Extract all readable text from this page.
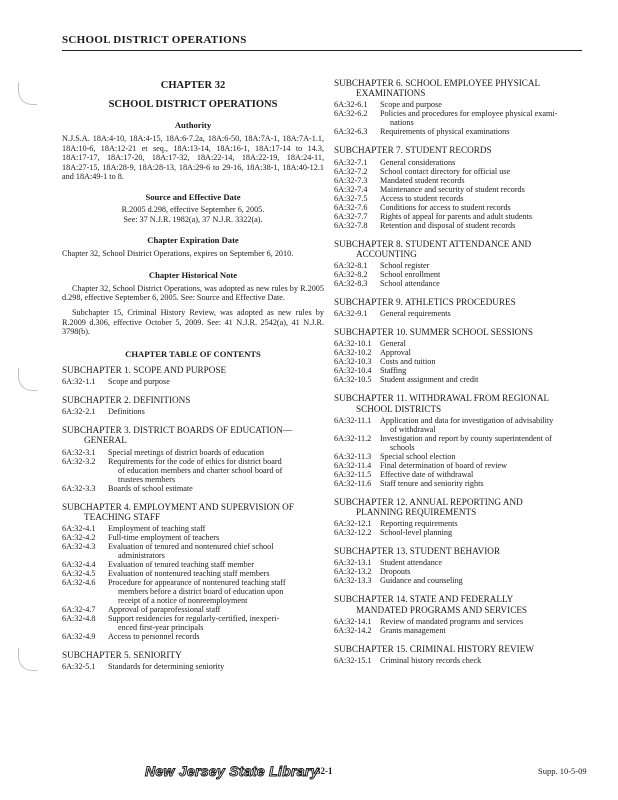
SCHOOL DISTRICT OPERATIONS

CHAPTER 32

SCHOOL DISTRICT OPERATIONS

Authority

N.J.S.A. 18A:4-10, 18A:4-15, 18A:6-7.2a, 18A:6-50, 18A:7A-1, 18A:7A-1.1, 18A:10-6, 18A:12-21 et seq., 18A:13-14, 18A:16-1, 18A:17-14 to 14.3, 18A:17-17, 18A:17-20, 18A:17-32, 18A:22-14, 18A:22-19, 18A:24-11, 18A:27-15, 18A:28-9, 18A:28-13, 18A:29-6 to 29-16, 18A:38-1, 18A:40-12.1 and 18A:49-1 to 8.

Source and Effective Date

R.2005 d.298, effective September 6, 2005.

See: 37 N.J.R. 1982(a), 37 N.J.R. 3322(a).

Chapter Expiration Date

Chapter 32, School District Operations, expires on September 6, 2010.

Chapter Historical Note

Chapter 32, School District Operations, was adopted as new rules by R.2005 d.298, effective September 6, 2005. See: Source and Effective Date.

Subchapter 15, Criminal History Review, was adopted as new rules by R.2009 d.306, effective October 5, 2009. See: 41 N.J.R. 2542(a), 41 N.J.R. 3798(b).

CHAPTER TABLE OF CONTENTS

SUBCHAPTER 1. SCOPE AND PURPOSE

6A:32-1.1	Scope and purpose

SUBCHAPTER 2. DEFINITIONS

6A:32-2.1	Definitions

SUBCHAPTER 3. DISTRICT BOARDS OF EDUCATION—
GENERAL

6A:32-3.1	Special meetings of district boards of education
6A:32-3.2	Requirements for the code of ethics for district board
of education members and charter school board of
trustees members
6A:32-3.3	Boards of school estimate

SUBCHAPTER 4. EMPLOYMENT AND SUPERVISION OF
TEACHING STAFF

6A:32-4.1	Employment of teaching staff
6A:32-4.2	Full-time employment of teachers
6A:32-4.3	Evaluation of tenured and nontenured chief school
administrators
6A:32-4.4	Evaluation of tenured teaching staff member
6A:32-4.5	Evaluation of nontenured teaching staff members
6A:32-4.6	Procedure for appearance of nontenured teaching staff
members before a district board of education upon
receipt of a notice of nonreemployment
6A:32-4.7	Approval of paraprofessional staff
6A:32-4.8	Support residencies for regularly-certified, inexperi-
enced first-year principals
6A:32-4.9	Access to personnel records

SUBCHAPTER 5. SENIORITY

6A:32-5.1	Standards for determining seniority

SUBCHAPTER 6. SCHOOL EMPLOYEE PHYSICAL
EXAMINATIONS

6A:32-6.1	Scope and purpose
6A:32-6.2	Policies and procedures for employee physical exami-
nations
6A:32-6.3	Requirements of physical examinations

SUBCHAPTER 7. STUDENT RECORDS

6A:32-7.1	General considerations
6A:32-7.2	School contact directory for official use
6A:32-7.3	Mandated student records
6A:32-7.4	Maintenance and security of student records
6A:32-7.5	Access to student records
6A:32-7.6	Conditions for access to student records
6A:32-7.7	Rights of appeal for parents and adult students
6A:32-7.8	Retention and disposal of student records

SUBCHAPTER 8. STUDENT ATTENDANCE AND
ACCOUNTING

6A:32-8.1	School register
6A:32-8.2	School enrollment
6A:32-8.3	School attendance

SUBCHAPTER 9. ATHLETICS PROCEDURES

6A:32-9.1	General requirements

SUBCHAPTER 10. SUMMER SCHOOL SESSIONS

6A:32-10.1	General
6A:32-10.2	Approval
6A:32-10.3	Costs and tuition
6A:32-10.4	Staffing
6A:32-10.5	Student assignment and credit

SUBCHAPTER 11. WITHDRAWAL FROM REGIONAL
SCHOOL DISTRICTS

6A:32-11.1	Application and data for investigation of advisability
of withdrawal
6A:32-11.2	Investigation and report by county superintendent of
schools
6A:32-11.3	Special school election
6A:32-11.4	Final determination of board of review
6A:32-11.5	Effective date of withdrawal
6A:32-11.6	Staff tenure and seniority rights

SUBCHAPTER 12. ANNUAL REPORTING AND
PLANNING REQUIREMENTS

6A:32-12.1	Reporting requirements
6A:32-12.2	School-level planning

SUBCHAPTER 13. STUDENT BEHAVIOR

6A:32-13.1	Student attendance
6A:32-13.2	Dropouts
6A:32-13.3	Guidance and counseling

SUBCHAPTER 14. STATE AND FEDERALLY
MANDATED PROGRAMS AND SERVICES

6A:32-14.1	Review of mandated programs and services
6A:32-14.2	Grants management

SUBCHAPTER 15. CRIMINAL HISTORY REVIEW

6A:32-15.1	Criminal history records check
New Jersey State Library
32-1	Supp. 10-5-09
